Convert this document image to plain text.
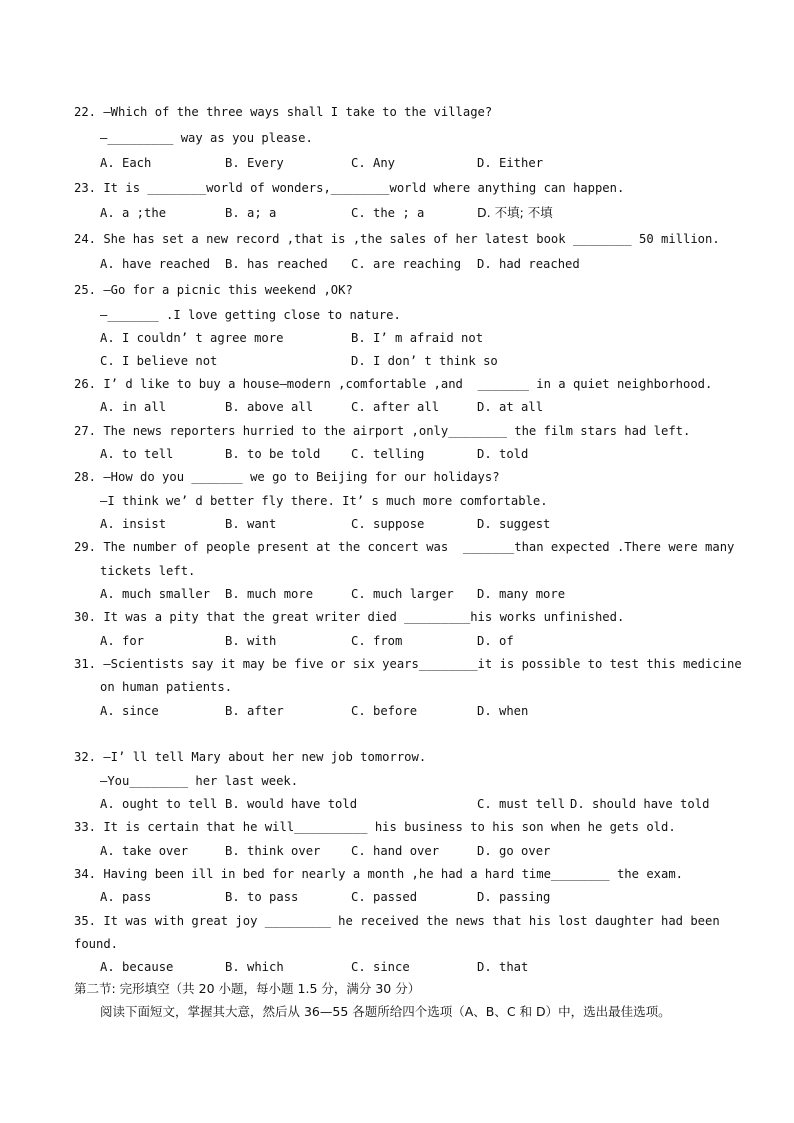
22. —Which of the three ways shall I take to the village?
—_________ way as you please.
A. Each	B. Every	C. Any	D. Either
23. It is ________world of wonders,________world where anything can happen.
A. a ;the	B. a; a	C. the ; a	D. 不填; 不填
24. She has set a new record ,that is ,the sales of her latest book ________ 50 million.
A. have reached B. has reached C. are reaching D. had reached
25. —Go for a picnic this weekend ,OK?
—_______ .I love getting close to nature.
A. I couldn’ t agree more	B. I’ m afraid not
C. I believe not	D. I don’ t think so
26. I’ d like to buy a house—modern ,comfortable ,and  _______ in a quiet neighborhood.
A. in all	B. above all	C. after all	D. at all
27. The news reporters hurried to the airport ,only________ the film stars had left.
A. to tell	B. to be told	C. telling	D. told
28. —How do you _______ we go to Beijing for our holidays?
—I think we’ d better fly there. It’ s much more comfortable.
A. insist	B. want	C. suppose	D. suggest
29. The number of people present at the concert was  _______than expected .There were many
tickets left.
A. much smaller B. much more	C. much larger D. many more
30. It was a pity that the great writer died _________his works unfinished.
A. for	B. with	C. from	D. of
31. —Scientists say it may be five or six years________it is possible to test this medicine
on human patients.
A. since	B. after	C. before	D. when
32. —I’ ll tell Mary about her new job tomorrow.
—You________ her last week.
A. ought to tell B. would have told	C. must tell D. should have told
33. It is certain that he will__________ his business to his son when he gets old.
A. take over	B. think over	C. hand over	D. go over
34. Having been ill in bed for nearly a month ,he had a hard time________ the exam.
A. pass	B. to pass	C. passed	D. passing
35. It was with great joy _________ he received the news that his lost daughter had been
found.
A. because	B. which	C. since	D. that
第二节: 完形填空（共 20 小题，每小题 1.5 分，满分 30 分）
阅读下面短文，掌握其大意，然后从 36—55 各题所给四个选项（A、B、C 和 D）中，选出最佳选项。
